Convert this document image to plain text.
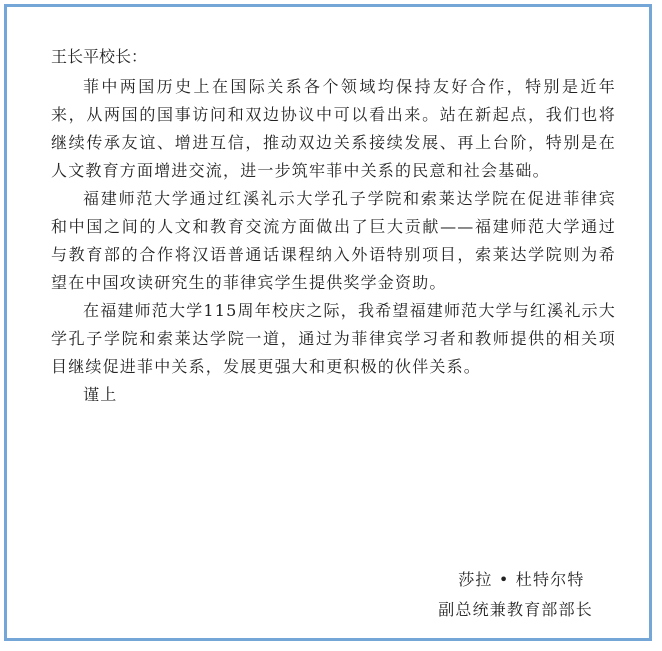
王长平校长：

菲中两国历史上在国际关系各个领域均保持友好合作，特别是近年来，从两国的国事访问和双边协议中可以看出来。站在新起点，我们也将继续传承友谊、增进互信，推动双边关系接续发展、再上台阶，特别是在人文教育方面增进交流，进一步筑牢菲中关系的民意和社会基础。

福建师范大学通过红溪礼示大学孔子学院和索莱达学院在促进菲律宾和中国之间的人文和教育交流方面做出了巨大贡献——福建师范大学通过与教育部的合作将汉语普通话课程纳入外语特别项目，索莱达学院则为希望在中国攻读研究生的菲律宾学生提供奖学金资助。

在福建师范大学115周年校庆之际，我希望福建师范大学与红溪礼示大学孔子学院和索莱达学院一道，通过为菲律宾学习者和教师提供的相关项目继续促进菲中关系，发展更强大和更积极的伙伴关系。

谨上

莎拉 • 杜特尔特
副总统兼教育部部长
